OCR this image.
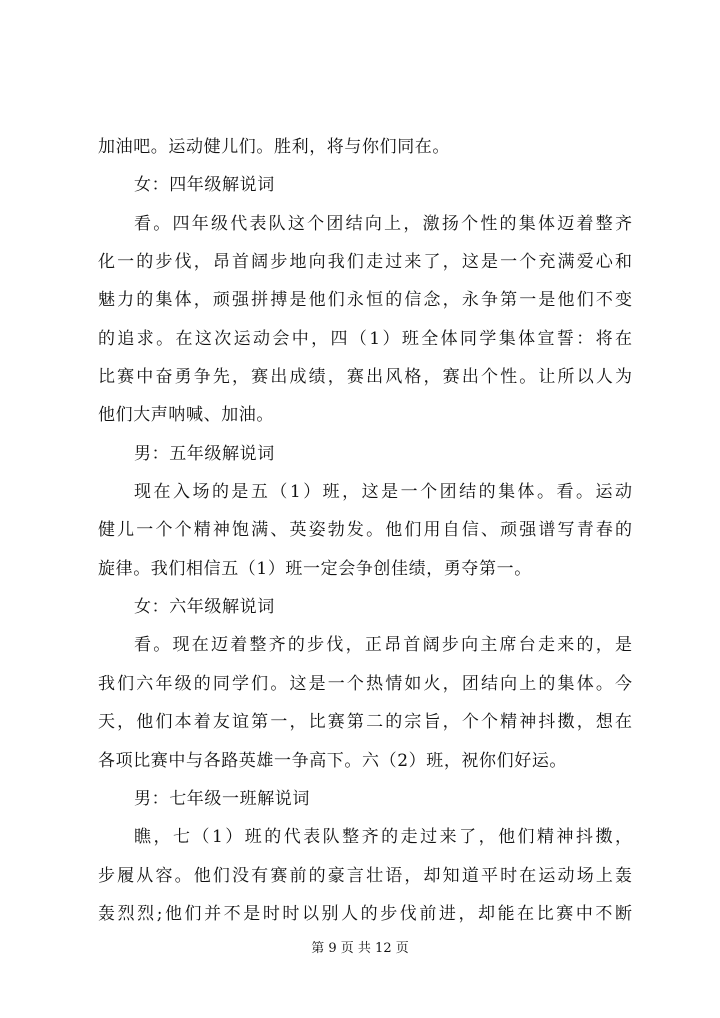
加油吧。运动健儿们。胜利，将与你们同在。
女：四年级解说词
看。四年级代表队这个团结向上，激扬个性的集体迈着整齐
化一的步伐，昂首阔步地向我们走过来了，这是一个充满爱心和
魅力的集体，顽强拼搏是他们永恒的信念，永争第一是他们不变
的追求。在这次运动会中，四（1）班全体同学集体宣誓：将在
比赛中奋勇争先，赛出成绩，赛出风格，赛出个性。让所以人为
他们大声呐喊、加油。
男：五年级解说词
现在入场的是五（1）班，这是一个团结的集体。看。运动
健儿一个个精神饱满、英姿勃发。他们用自信、顽强谱写青春的
旋律。我们相信五（1）班一定会争创佳绩，勇夺第一。
女：六年级解说词
看。现在迈着整齐的步伐，正昂首阔步向主席台走来的，是
我们六年级的同学们。这是一个热情如火，团结向上的集体。今
天，他们本着友谊第一，比赛第二的宗旨，个个精神抖擞，想在
各项比赛中与各路英雄一争高下。六（2）班，祝你们好运。
男：七年级一班解说词
瞧，七（1）班的代表队整齐的走过来了，他们精神抖擞，
步履从容。他们没有赛前的豪言壮语，却知道平时在运动场上轰
轰烈烈;他们并不是时时以别人的步伐前进，却能在比赛中不断
第 9 页 共 12 页
